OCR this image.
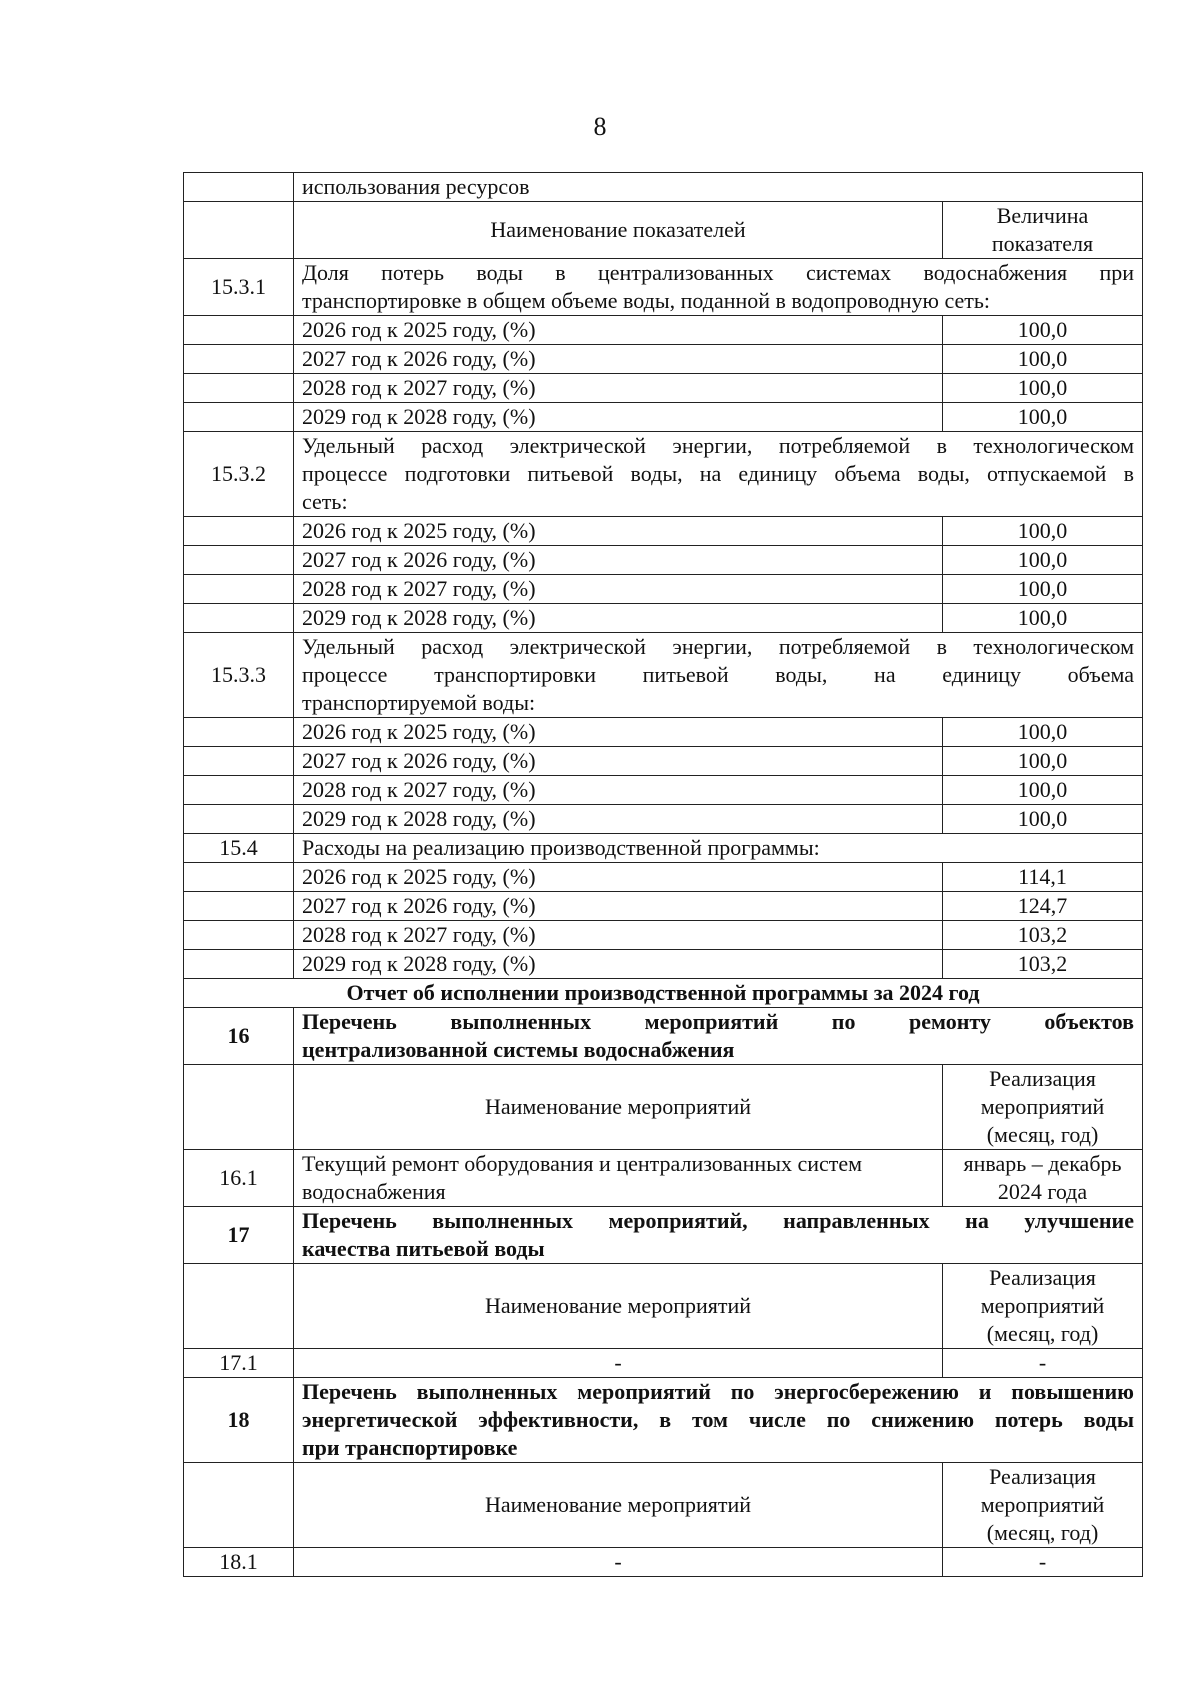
8
	использования ресурсов	
	Наименование показателей	Величина показателя
15.3.1	Доля потерь воды в централизованных системах водоснабжения при
транспортировке в общем объеме воды, поданной в водопроводную сеть:	

	2026 год к 2025 году, (%)	100,0
	2027 год к 2026 году, (%)	100,0
	2028 год к 2027 году, (%)	100,0
	2029 год к 2028 году, (%)	100,0
15.3.2	Удельный расход электрической энергии, потребляемой в технологическом
процессе подготовки питьевой воды, на единицу объема воды, отпускаемой в
сеть:	

	2026 год к 2025 году, (%)	100,0
	2027 год к 2026 году, (%)	100,0
	2028 год к 2027 году, (%)	100,0
	2029 год к 2028 году, (%)	100,0
15.3.3	Удельный расход электрической энергии, потребляемой в технологическом
процессе транспортировки питьевой воды, на единицу объема
транспортируемой воды:	

	2026 год к 2025 году, (%)	100,0
	2027 год к 2026 году, (%)	100,0
	2028 год к 2027 году, (%)	100,0
	2029 год к 2028 году, (%)	100,0
15.4	Расходы на реализацию производственной программы:	

	2026 год к 2025 году, (%)	114,1
	2027 год к 2026 году, (%)	124,7
	2028 год к 2027 году, (%)	103,2
	2029 год к 2028 году, (%)	103,2
Отчет об исполнении производственной программы за 2024 год		
16	Перечень выполненных мероприятий по ремонту объектов
централизованной системы водоснабжения	

	Наименование мероприятий	Реализация
мероприятий
(месяц, год)

16.1	Текущий ремонт оборудования и централизованных систем
водоснабжения	январь – декабрь
2024 года

17	Перечень выполненных мероприятий, направленных на улучшение
качества питьевой воды	

	Наименование мероприятий	Реализация
мероприятий
(месяц, год)

17.1	-	-

18	Перечень выполненных мероприятий по энергосбережению и повышению
энергетической эффективности, в том числе по снижению потерь воды
при транспортировке	

	Наименование мероприятий	Реализация
мероприятий
(месяц, год)

18.1	-	-
